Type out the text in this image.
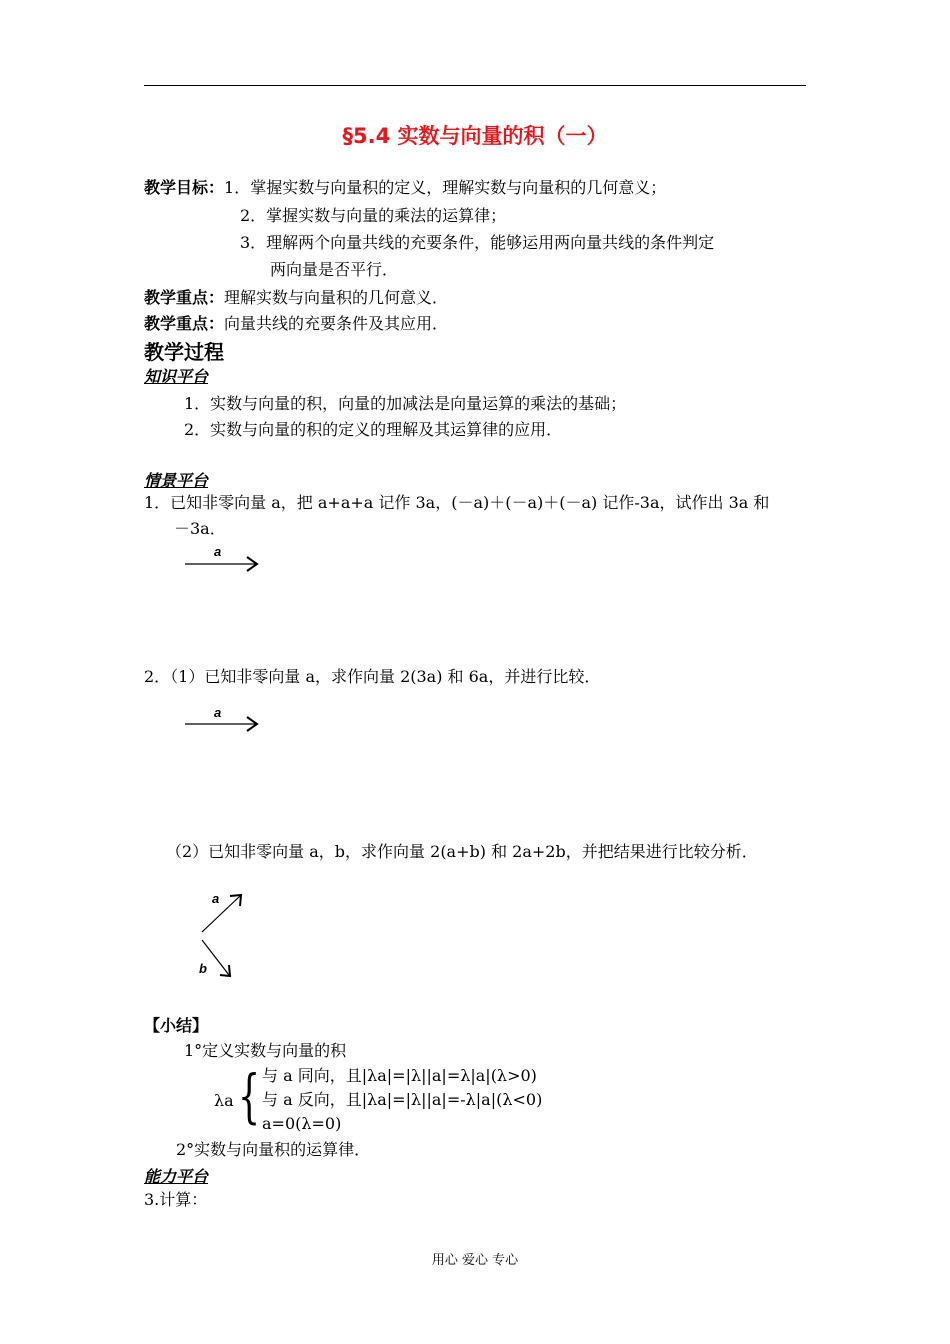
§5.4 实数与向量的积（一）
教学目标：1．掌握实数与向量积的定义，理解实数与向量积的几何意义；
2．掌握实数与向量的乘法的运算律；
3．理解两个向量共线的充要条件，能够运用两向量共线的条件判定
两向量是否平行．
教学重点：理解实数与向量积的几何意义．
教学重点：向量共线的充要条件及其应用．
教学过程
知识平台
1．实数与向量的积，向量的加减法是向量运算的乘法的基础；
2．实数与向量的积的定义的理解及其运算律的应用．
情景平台
1．已知非零向量 a，把 a+a+a 记作 3a，(－a)＋(－a)＋(－a) 记作-3a，试作出 3a 和
－3a．
a
2．（1）已知非零向量 a，求作向量 2(3a) 和 6a，并进行比较．
a
（2）已知非零向量 a，b，求作向量 2(a+b) 和 2a+2b，并把结果进行比较分析．
a
b
【小结】
1°定义实数与向量的积
λa { 与 a 同向，且|λa|=|λ||a|=λ|a|(λ>0)
与 a 反向，且|λa|=|λ||a|=-λ|a|(λ<0)
a=0(λ=0)
2°实数与向量积的运算律．
能力平台
3.计算：
用心 爱心 专心
